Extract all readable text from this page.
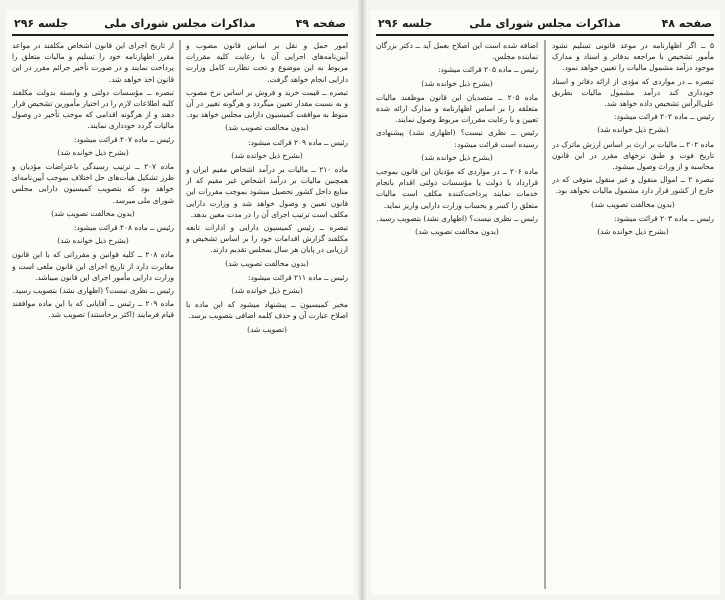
صفحه ۴۹
مذاکرات مجلس شورای ملی
جلسه ۲۹۶

امور حمل و نقل بر اساس قانون مصوب و آیین‌نامه‌های اجرایی آن با رعایت کلیه مقررات مربوط به این موضوع و تحت نظارت کامل وزارت دارایی انجام خواهد گرفت.

تبصره ــ قیمت خرید و فروش بر اساس نرخ مصوب و به نسبت مقدار تعیین میگردد و هرگونه تغییر در آن منوط به موافقت کمیسیون دارایی مجلس خواهد بود.

(بدون مخالفت تصویب شد)

رئیس ــ ماده ۲۰۹ قرائت میشود:

(بشرح ذیل خوانده شد)

ماده ۲۱۰ ــ مالیات بر درآمد اشخاص مقیم ایران و همچنین مالیات بر درآمد اشخاص غیر مقیم که از منابع داخل کشور تحصیل میشود بموجب مقررات این قانون تعیین و وصول خواهد شد و وزارت دارایی مکلف است ترتیب اجرای آن را در مدت معین بدهد.

تبصره ــ رئیس کمیسیون دارایی و ادارات تابعه مکلفند گزارش اقدامات خود را بر اساس تشخیص و ارزیابی در پایان هر سال بمجلس تقدیم دارند.

(بدون مخالفت تصویب شد)

رئیس ــ ماده ۲۱۱ قرائت میشود:

(بشرح ذیل خوانده شد)

مخبر کمیسیون ــ پیشنهاد میشود که این ماده با اصلاح عبارت آن و حذف کلمه اضافی بتصویب برسد.

(تصویب شد)

از تاریخ اجرای این قانون اشخاص مکلفند در مواعد مقرر اظهارنامه خود را تسلیم و مالیات متعلق را پرداخت نمایند و در صورت تأخیر جرائم مقرر در این قانون اخذ خواهد شد.

تبصره ــ مؤسسات دولتی و وابسته بدولت مکلفند کلیه اطلاعات لازم را در اختیار مأمورین تشخیص قرار دهند و از هرگونه اقدامی که موجب تأخیر در وصول مالیات گردد خودداری نمایند.

رئیس ــ ماده ۲۰۷ قرائت میشود:

(بشرح ذیل خوانده شد)

ماده ۲۰۷ ــ ترتیب رسیدگی باعتراضات مؤدیان و طرز تشکیل هیأت‌های حل اختلاف بموجب آیین‌نامه‌ای خواهد بود که بتصویب کمیسیون دارایی مجلس شورای ملی میرسد.

(بدون مخالفت تصویب شد)

رئیس ــ ماده ۲۰۸ قرائت میشود:

(بشرح ذیل خوانده شد)

ماده ۲۰۸ ــ کلیه قوانین و مقرراتی که با این قانون مغایرت دارد از تاریخ اجرای این قانون ملغی است و وزارت دارایی مأمور اجرای این قانون میباشد.

رئیس ــ نظری نیست؟ (اظهاری نشد) بتصویب رسید.

ماده ۲۰۹ ــ رئیس ــ آقایانی که با این ماده موافقند قیام فرمایند (اکثر برخاستند) تصویب شد.

صفحه ۴۸
مذاکرات مجلس شورای ملی
جلسه ۲۹۶

۵ ــ اگر اظهارنامه در موعد قانونی تسلیم نشود مأمور تشخیص با مراجعه بدفاتر و اسناد و مدارک موجود درآمد مشمول مالیات را تعیین خواهد نمود.

تبصره ــ در مواردی که مؤدی از ارائه دفاتر و اسناد خودداری کند درآمد مشمول مالیات بطریق علی‌الرأس تشخیص داده خواهد شد.

رئیس ــ ماده ۲۰۲ قرائت میشود:

(بشرح ذیل خوانده شد)

ماده ۲۰۲ ــ مالیات بر ارث بر اساس ارزش ماترک در تاریخ فوت و طبق نرخهای مقرر در این قانون محاسبه و از وراث وصول میشود.

تبصره ۲ ــ اموال منقول و غیر منقول متوفی که در خارج از کشور قرار دارد مشمول مالیات نخواهد بود.

(بدون مخالفت تصویب شد)

رئیس ــ ماده ۲۰۳ قرائت میشود:

(بشرح ذیل خوانده شد)

اضافه شده است این اصلاح بعمل آید ــ دکتر بزرگان نماینده مجلس.

رئیس ــ ماده ۲۰۵ قرائت میشود:

(بشرح ذیل خوانده شد)

ماده ۲۰۵ ــ متصدیان این قانون موظفند مالیات متعلقه را بر اساس اظهارنامه و مدارک ارائه شده تعیین و با رعایت مقررات مربوط وصول نمایند.

رئیس ــ نظری نیست؟ (اظهاری نشد) پیشنهادی رسیده است قرائت میشود:

(بشرح ذیل خوانده شد)

ماده ۲۰۶ ــ در مواردی که مؤدیان این قانون بموجب قرارداد با دولت یا مؤسسات دولتی اقدام بانجام خدمات نمایند پرداخت‌کننده مکلف است مالیات متعلق را کسر و بحساب وزارت دارایی واریز نماید.

رئیس ــ نظری نیست؟ (اظهاری نشد) بتصویب رسید.

(بدون مخالفت تصویب شد)
